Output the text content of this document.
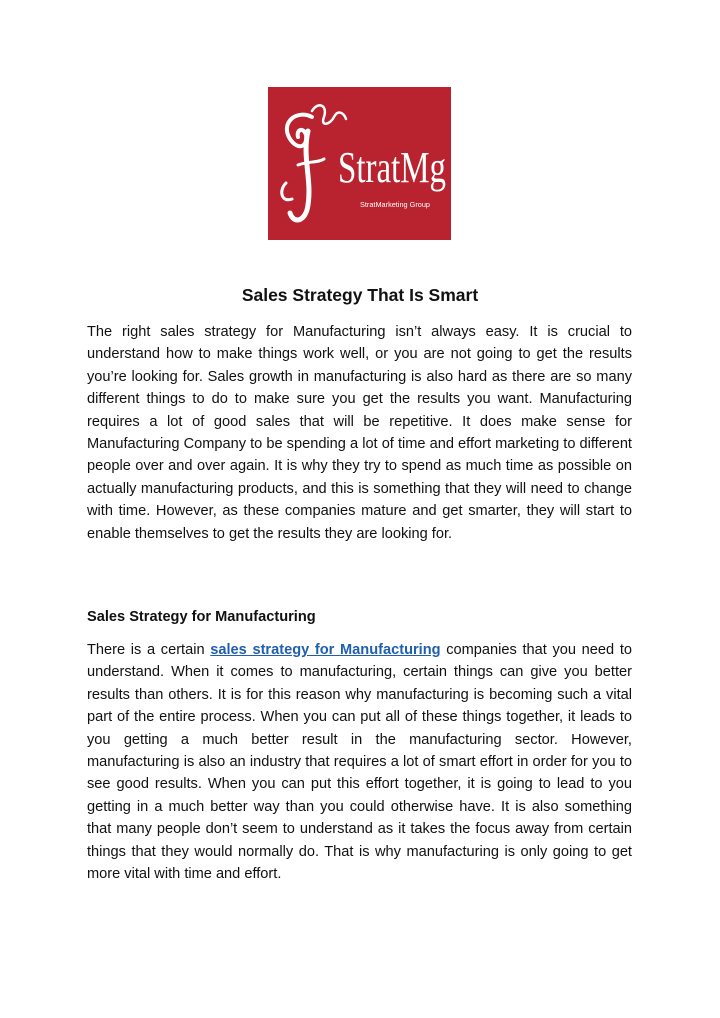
StratMg
StratMarketing Group
Sales Strategy That Is Smart

The right sales strategy for Manufacturing isn’t always easy. It is crucial to understand how to make things work well, or you are not going to get the results you’re looking for. Sales growth in manufacturing is also hard as there are so many different things to do to make sure you get the results you want. Manufacturing requires a lot of good sales that will be repetitive. It does make sense for Manufacturing Company to be spending a lot of time and effort marketing to different people over and over again. It is why they try to spend as much time as possible on actually manufacturing products, and this is something that they will need to change with time. However, as these companies mature and get smarter, they will start to enable themselves to get the results they are looking for.

Sales Strategy for Manufacturing

There is a certain sales strategy for Manufacturing companies that you need to understand. When it comes to manufacturing, certain things can give you better results than others. It is for this reason why manufacturing is becoming such a vital part of the entire process. When you can put all of these things together, it leads to you getting a much better result in the manufacturing sector. However, manufacturing is also an industry that requires a lot of smart effort in order for you to see good results. When you can put this effort together, it is going to lead to you getting in a much better way than you could otherwise have. It is also something that many people don’t seem to understand as it takes the focus away from certain things that they would normally do. That is why manufacturing is only going to get more vital with time and effort.
